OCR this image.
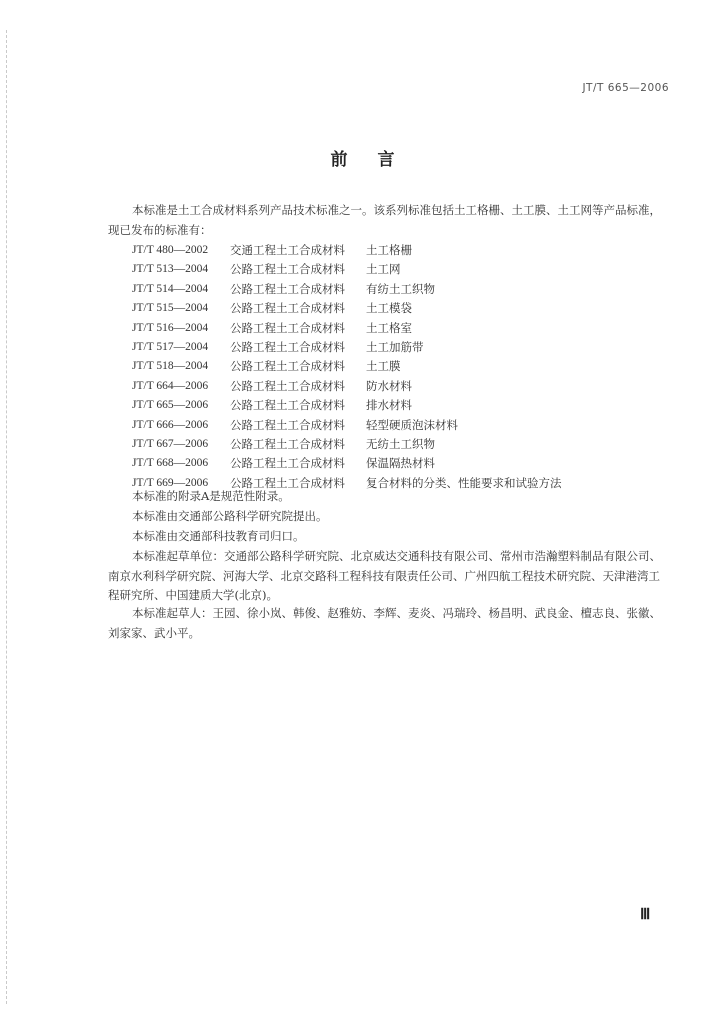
JT/T 665—2006
前言
本标准是土工合成材料系列产品技术标准之一。该系列标准包括土工格栅、土工膜、土工网等产品标准，现已发布的标准有：
JT/T 480—2002	交通工程土工合成材料	土工格栅
JT/T 513—2004	公路工程土工合成材料	土工网
JT/T 514—2004	公路工程土工合成材料	有纺土工织物
JT/T 515—2004	公路工程土工合成材料	土工模袋
JT/T 516—2004	公路工程土工合成材料	土工格室
JT/T 517—2004	公路工程土工合成材料	土工加筋带
JT/T 518—2004	公路工程土工合成材料	土工膜
JT/T 664—2006	公路工程土工合成材料	防水材料
JT/T 665—2006	公路工程土工合成材料	排水材料
JT/T 666—2006	公路工程土工合成材料	轻型硬质泡沫材料
JT/T 667—2006	公路工程土工合成材料	无纺土工织物
JT/T 668—2006	公路工程土工合成材料	保温隔热材料
JT/T 669—2006	公路工程土工合成材料	复合材料的分类、性能要求和试验方法
本标准的附录A是规范性附录。
本标准由交通部公路科学研究院提出。
本标准由交通部科技教育司归口。
本标准起草单位：交通部公路科学研究院、北京威达交通科技有限公司、常州市浩瀚塑料制品有限公司、南京水利科学研究院、河海大学、北京交路科工程科技有限责任公司、广州四航工程技术研究院、天津港湾工程研究所、中国建质大学(北京)。
本标准起草人：王园、徐小岚、韩俊、赵雅妨、李辉、麦炎、冯瑞玲、杨昌明、武良金、檀志良、张徽、刘家家、武小平。
Ⅲ
